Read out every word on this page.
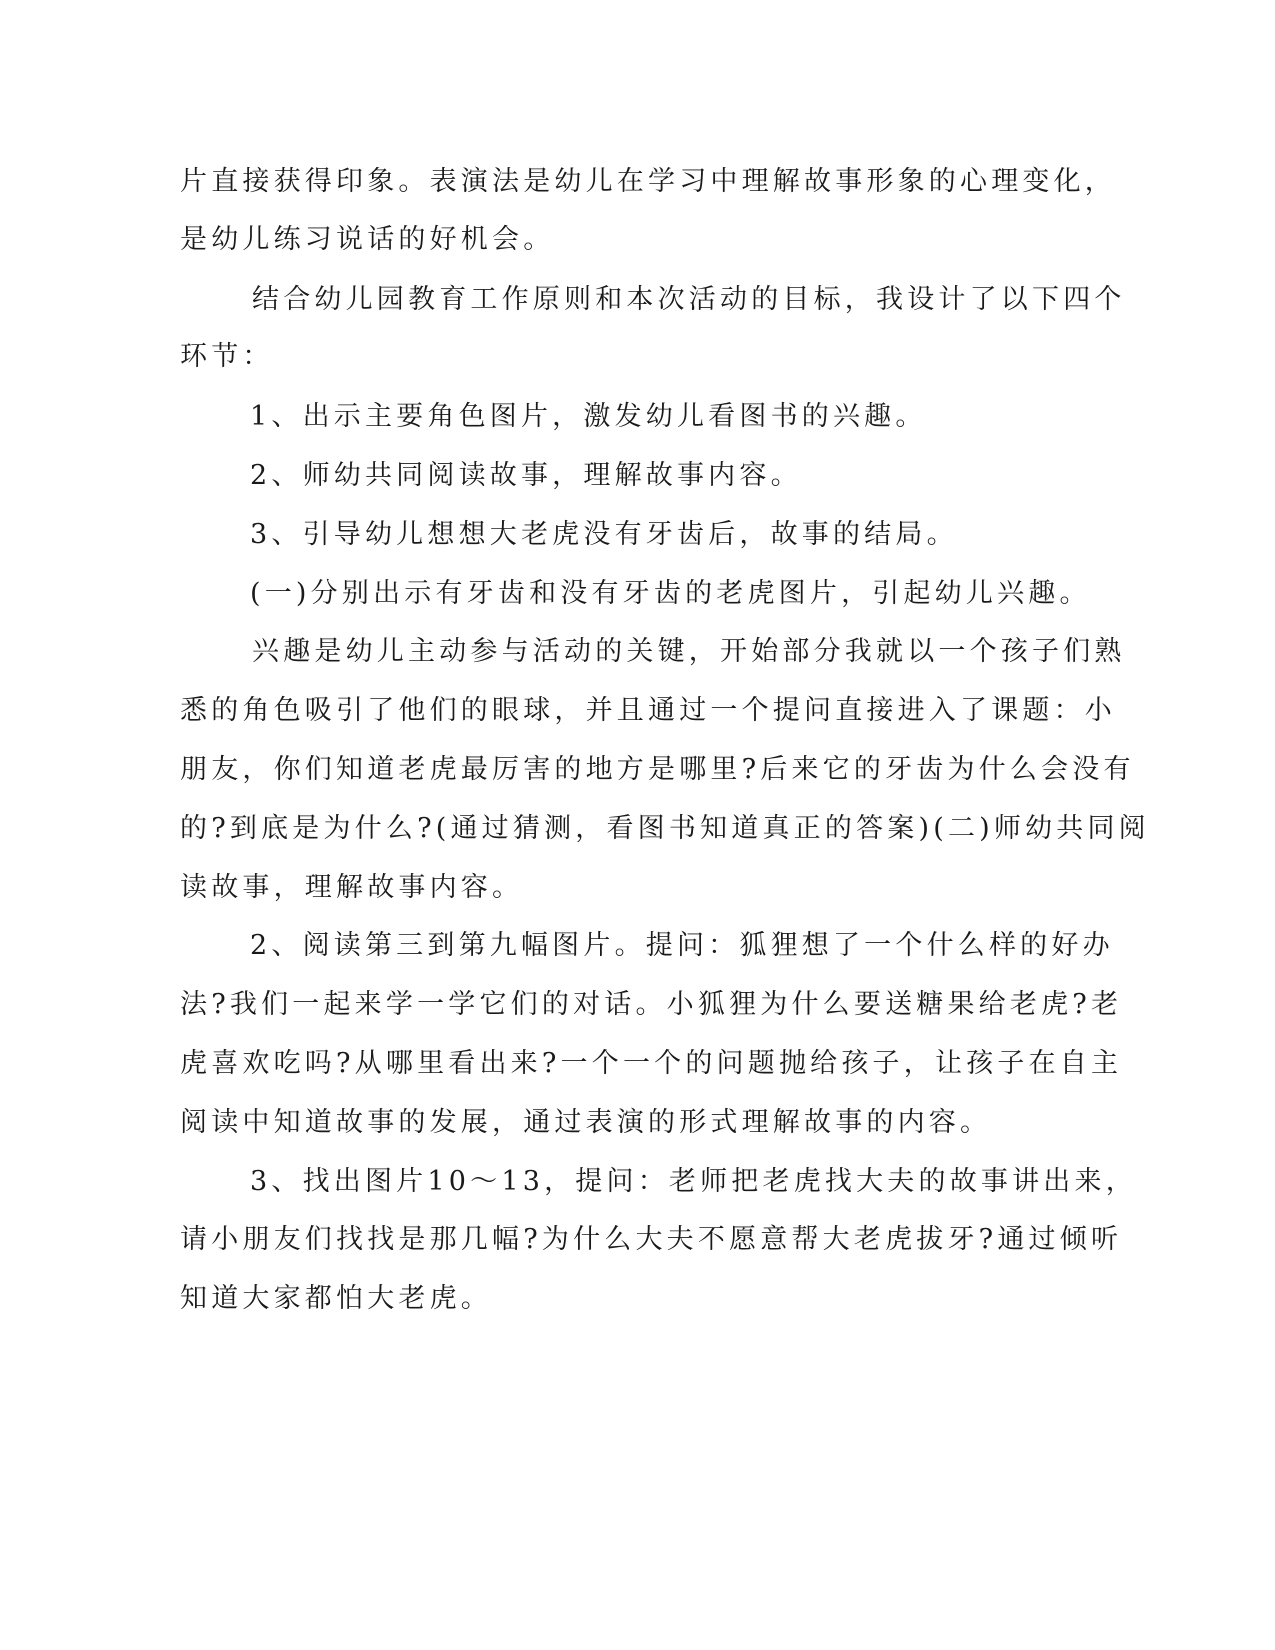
片直接获得印象。表演法是幼儿在学习中理解故事形象的心理变化，
是幼儿练习说话的好机会。
结合幼儿园教育工作原则和本次活动的目标，我设计了以下四个
环节：
1、出示主要角色图片，激发幼儿看图书的兴趣。
2、师幼共同阅读故事，理解故事内容。
3、引导幼儿想想大老虎没有牙齿后，故事的结局。
(一)分别出示有牙齿和没有牙齿的老虎图片，引起幼儿兴趣。
兴趣是幼儿主动参与活动的关键，开始部分我就以一个孩子们熟
悉的角色吸引了他们的眼球，并且通过一个提问直接进入了课题：小
朋友，你们知道老虎最厉害的地方是哪里?后来它的牙齿为什么会没有
的?到底是为什么?(通过猜测，看图书知道真正的答案)(二)师幼共同阅
读故事，理解故事内容。
2、阅读第三到第九幅图片。提问：狐狸想了一个什么样的好办
法?我们一起来学一学它们的对话。小狐狸为什么要送糖果给老虎?老
虎喜欢吃吗?从哪里看出来?一个一个的问题抛给孩子，让孩子在自主
阅读中知道故事的发展，通过表演的形式理解故事的内容。
3、找出图片10～13，提问：老师把老虎找大夫的故事讲出来，
请小朋友们找找是那几幅?为什么大夫不愿意帮大老虎拔牙?通过倾听
知道大家都怕大老虎。
